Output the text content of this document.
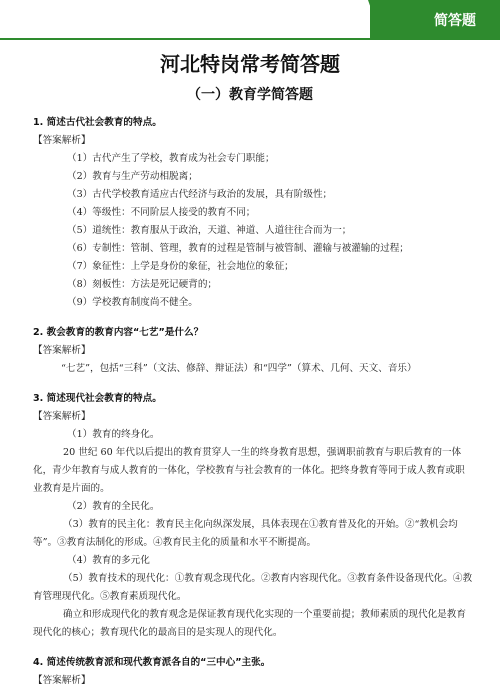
简答题
河北特岗常考简答题
（一）教育学简答题
1. 简述古代社会教育的特点。
【答案解析】
（1）古代产生了学校，教育成为社会专门职能；
（2）教育与生产劳动相脱离；
（3）古代学校教育适应古代经济与政治的发展，具有阶级性；
（4）等级性：不同阶层人接受的教育不同；
（5）道统性：教育服从于政治，天道、神道、人道往往合而为一；
（6）专制性：管制、管理，教育的过程是管制与被管制、灌输与被灌输的过程；
（7）象征性：上学是身份的象征，社会地位的象征；
（8）刻板性：方法是死记硬背的；
（9）学校教育制度尚不健全。
2. 教会教育的教育内容“七艺”是什么？
【答案解析】
“七艺”，包括“三科”（文法、修辞、辩证法）和“四学”（算术、几何、天文、音乐）
3. 简述现代社会教育的特点。
【答案解析】
（1）教育的终身化。
20 世纪 60 年代以后提出的教育贯穿人一生的终身教育思想，强调职前教育与职后教育的一体化，青少年教育与成人教育的一体化，学校教育与社会教育的一体化。把终身教育等同于成人教育或职业教育是片面的。
（2）教育的全民化。
（3）教育的民主化：教育民主化向纵深发展，具体表现在①教育普及化的开始。②“教机会均等”。③教育法制化的形成。④教育民主化的质量和水平不断提高。
（4）教育的多元化
（5）教育技术的现代化：①教育观念现代化。②教育内容现代化。③教育条件设备现代化。④教育管理现代化。⑤教育素质现代化。
确立和形成现代化的教育观念是保证教育现代化实现的一个重要前提；教师素质的现代化是教育现代化的核心；教育现代化的最高目的是实现人的现代化。
4. 简述传统教育派和现代教育派各自的“三中心”主张。
【答案解析】
